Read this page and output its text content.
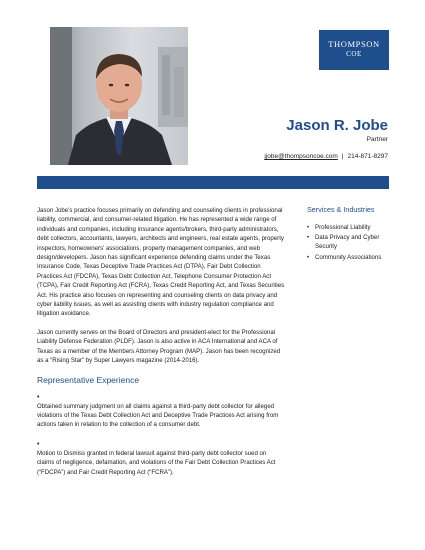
THOMPSON
COE
Jason R. Jobe
Partner
jjobe@thompsoncoe.com | 214-871-8297

Jason Jobe’s practice focuses primarily on defending and counseling clients in professional liability, commercial, and consumer-related litigation. He has represented a wide range of individuals and companies, including insurance agents/brokers, third-party administrators, debt collectors, accountants, lawyers, architects and engineers, real estate agents, property inspectors, homeowners’ associations, property management companies, and web design/developers. Jason has significant experience defending claims under the Texas Insurance Code, Texas Deceptive Trade Practices Act (DTPA), Fair Debt Collection Practices Act (FDCPA), Texas Debt Collection Act, Telephone Consumer Protection Act (TCPA), Fair Credit Reporting Act (FCRA), Texas Credit Reporting Act, and Texas Securities Act. His practice also focuses on representing and counseling clients on data privacy and cyber liability issues, as well as assisting clients with industry regulation compliance and litigation avoidance.

Jason currently serves on the Board of Directors and president-elect for the Professional Liability Defense Federation (PLDF). Jason is also active in ACA International and ACA of Texas as a member of the Members Attorney Program (MAP). Jason has been recognized as a “Rising Star” by Super Lawyers magazine (2014-2016).

Representative Experience
•
Obtained summary judgment on all claims against a third-party debt collector for alleged violations of the Texas Debt Collection Act and Deceptive Trade Practices Act arising from actions taken in relation to the collection of a consumer debt.
•
Motion to Dismiss granted in federal lawsuit against third-party debt collector sued on claims of negligence, defamation, and violations of the Fair Debt Collection Practices Act (“FDCPA”) and Fair Credit Reporting Act (“FCRA”).
Services & Industries
• Professional Liability
• Data Privacy and Cyber Security
• Community Associations
